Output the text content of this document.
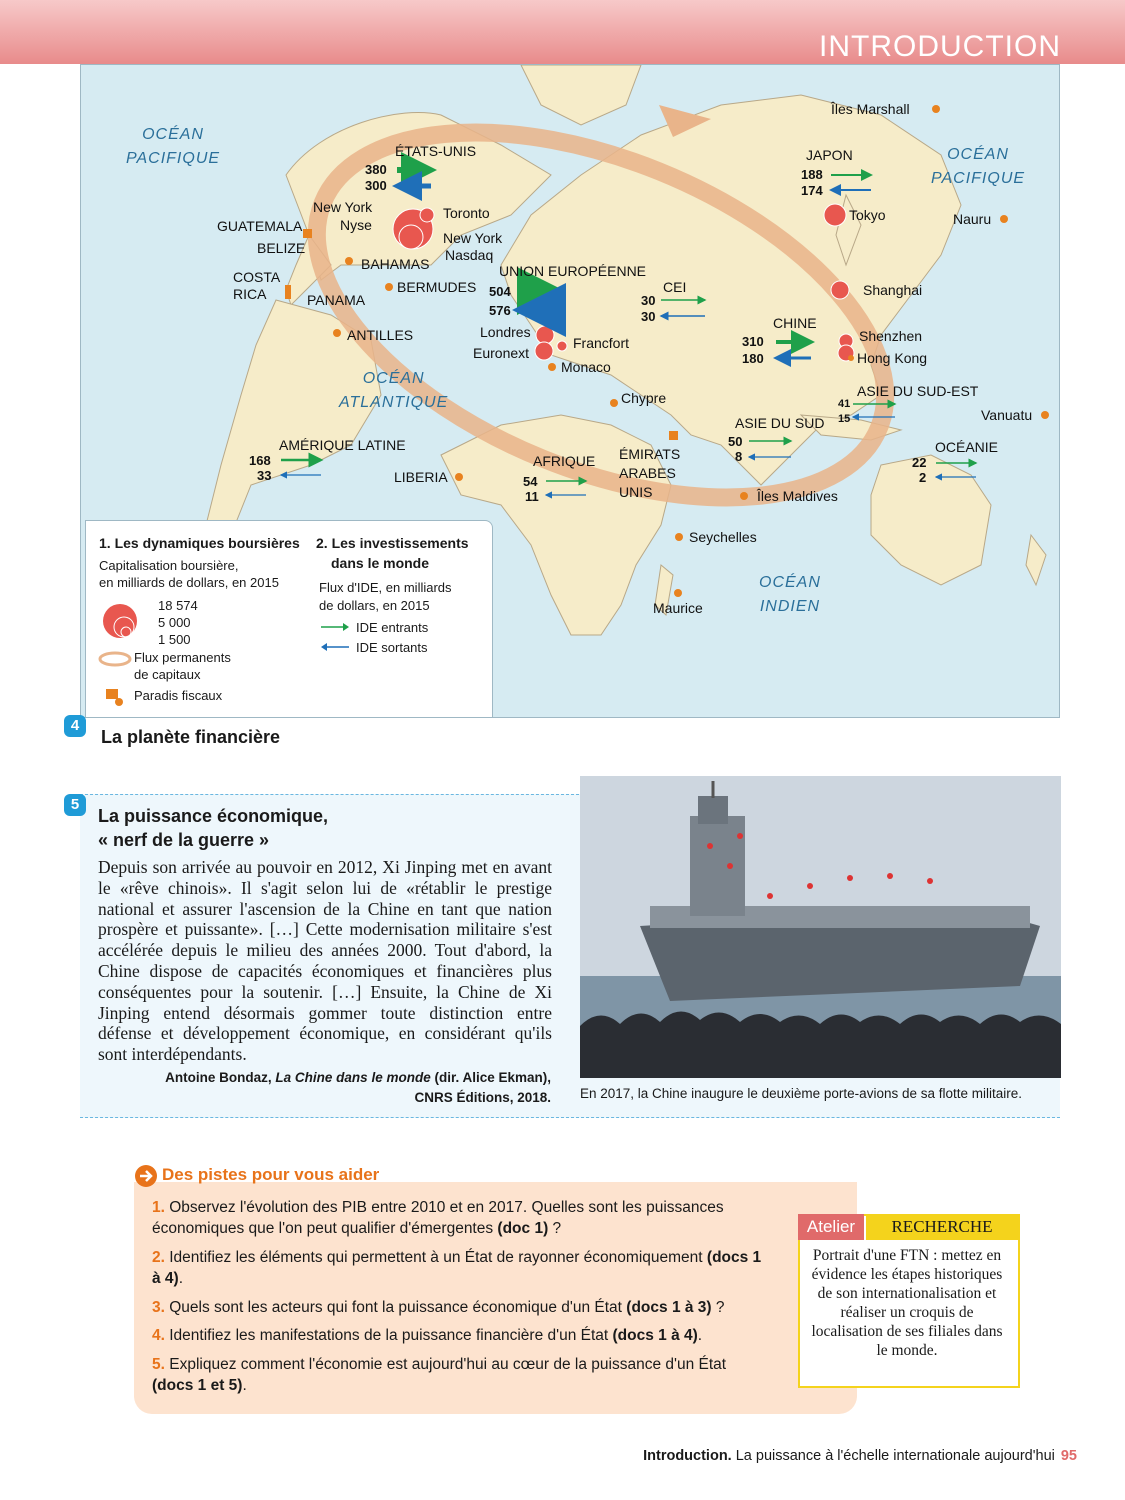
INTRODUCTION
OCÉAN
PACIFIQUE	OCÉAN
PACIFIQUE
OCÉAN
ATLANTIQUE
OCÉAN
INDIEN
ÉTATS-UNIS
380
300
JAPON
188
174
UNION EUROPÉENNE
504
576
CEI
30
30	CHINE
310
180
ASIE DU SUD-EST
41
15
ASIE DU SUD
50
8
AMÉRIQUE LATINE
168
33
AFRIQUE
54
11
OCÉANIE
22
2
Îles Marshall
Nauru
Tokyo
Shanghai
Shenzhen
Hong Kong
Vanuatu
Îles Maldives
Seychelles
Maurice
Chypre
ÉMIRATS
ARABES
UNIS
LIBERIA
Monaco
Francfort
Londres
Euronext
Toronto
New York
Nyse
New York
Nasdaq
GUATEMALA
BELIZE
BAHAMAS
BERMUDES
COSTA
RICA	PANAMA
ANTILLES
1. Les dynamiques boursières
Capitalisation boursière,
en milliards de dollars, en 2015
18 574
5 000
1 500
Flux permanents
de capitaux
Paradis fiscaux
2. Les investissements
dans le monde
Flux d'IDE, en milliards
de dollars, en 2015
IDE entrants
IDE sortants
4
La planète financière
5
La puissance économique,
« nerf de la guerre »
Depuis son arrivée au pouvoir en 2012, Xi Jinping met en avant le «rêve chinois». Il s'agit selon lui de «rétablir le prestige national et assurer l'ascension de la Chine en tant que nation prospère et puissante». […] Cette modernisation militaire s'est accélérée depuis le milieu des années 2000. Tout d'abord, la Chine dispose de capacités économiques et financières plus conséquentes pour la soutenir. […] Ensuite, la Chine de Xi Jinping entend désormais gommer toute distinction entre défense et développement économique, en considérant qu'ils sont interdépendants.
Antoine Bondaz, La Chine dans le monde (dir. Alice Ekman),
CNRS Éditions, 2018. En 2017, la Chine inaugure le deuxième porte-avions de sa flotte militaire.
Des pistes pour vous aider
1. Observez l'évolution des PIB entre 2010 et en 2017. Quelles sont les puissances économiques que l'on peut qualifier d'émergentes (doc 1) ?
2. Identifiez les éléments qui permettent à un État de rayonner économiquement (docs 1 à 4).
3. Quels sont les acteurs qui font la puissance économique d'un État (docs 1 à 3) ?
4. Identifiez les manifestations de la puissance financière d'un État (docs 1 à 4).
5. Expliquez comment l'économie est aujourd'hui au cœur de la puissance d'un État (docs 1 et 5).
Atelier	RECHERCHE
Portrait d'une FTN : mettez en évidence les étapes historiques de son internationalisation et réaliser un croquis de localisation de ses filiales dans le monde.
Introduction. La puissance à l'échelle internationale aujourd'hui 95
